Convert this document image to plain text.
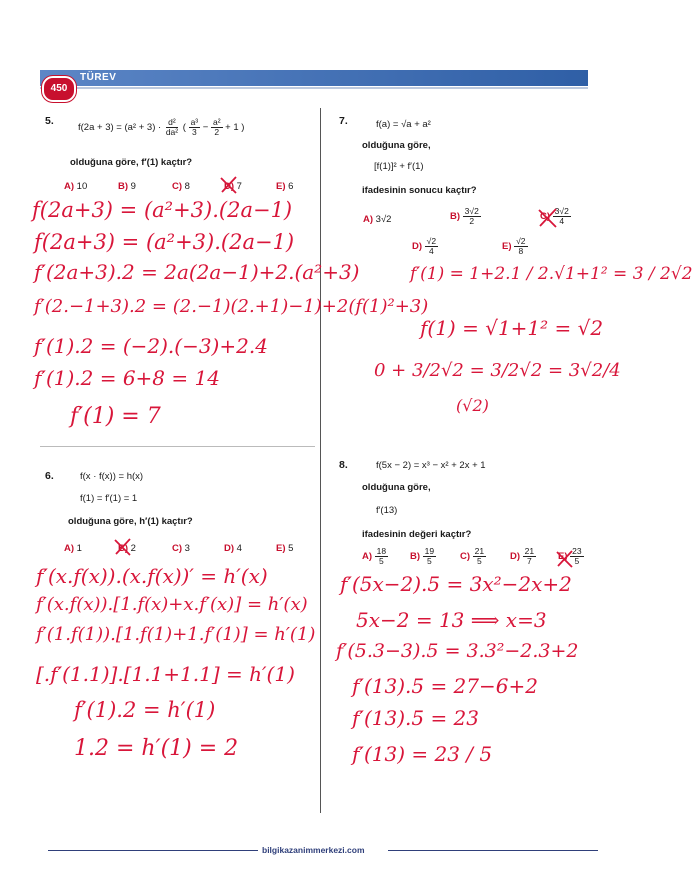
450
TÜREV
5.
$f(2a + 3) = (a^2 + 3) \cdot \frac{\text{d²}}{\text{da²}}$ ( $\frac{\text{a³}}{3} - \frac{\text{a²}}{2} + 1$ )
olduğuna göre, f′(1) kaçtır?
A) 10	B) 9	C) 8	D) 7	E) 6
f(2a+3) = (a²+3).(2a−1)
f(2a+3) = (a²+3).(2a−1)
f′(2a+3).2 = 2a(2a−1)+2.(a²+3)
f′(2.−1+3).2 = (2.−1)(2.+1)−1)+2(f(1)²+3)
f′(1).2 = (−2).(−3)+2.4
f′(1).2 = 6+8 = 14
f′(1) = 7
6.	f(x · f(x)) = h(x)
f(1) = f′(1) = 1
olduğuna göre, h′(1) kaçtır?
A) 1	B) 2	C) 3	D) 4	E) 5
f′(x.f(x)).(x.f(x))′ = h′(x)
f′(x.f(x)).[1.f(x)+x.f′(x)] = h′(x)
f′(1.f(1)).[1.f(1)+1.f′(1)] = h′(1)
[.f′(1.1)].[1.1+1.1] = h′(1)
f′(1).2 = h′(1)
1.2 = h′(1) = 2
7.	f(a) = √a + a²
olduğuna göre,
[f(1)]² + f′(1)
ifadesinin sonucu kaçtır?
A) 3√2	$B) \frac{3√2}{2}$	$C) \frac{3√2}{4}$
$D) \frac{√2}{4}$	$E) \frac{√2}{8}$
f′(1) = 1+2.1 / 2.√1+1² = 3 / 2√2
f(1) = √1+1² = √2
0 + 3/2√2 = 3/2√2 = 3√2/4
(√2)
8.	f(5x − 2) = x³ − x² + 2x + 1
olduğuna göre,
f′(13)
ifadesinin değeri kaçtır?
$A) \frac{18}{5} B) \frac{19}{5}$	$C) \frac{21}{5}$	$D) \frac{21}{7} E) \frac{23}{5}$
f′(5x−2).5 = 3x²−2x+2
5x−2 = 13 ⟹ x=3
f′(5.3−3).5 = 3.3²−2.3+2
f′(13).5 = 27−6+2
f′(13).5 = 23
f′(13) = 23 / 5
bilgikazanimmerkezi.com
